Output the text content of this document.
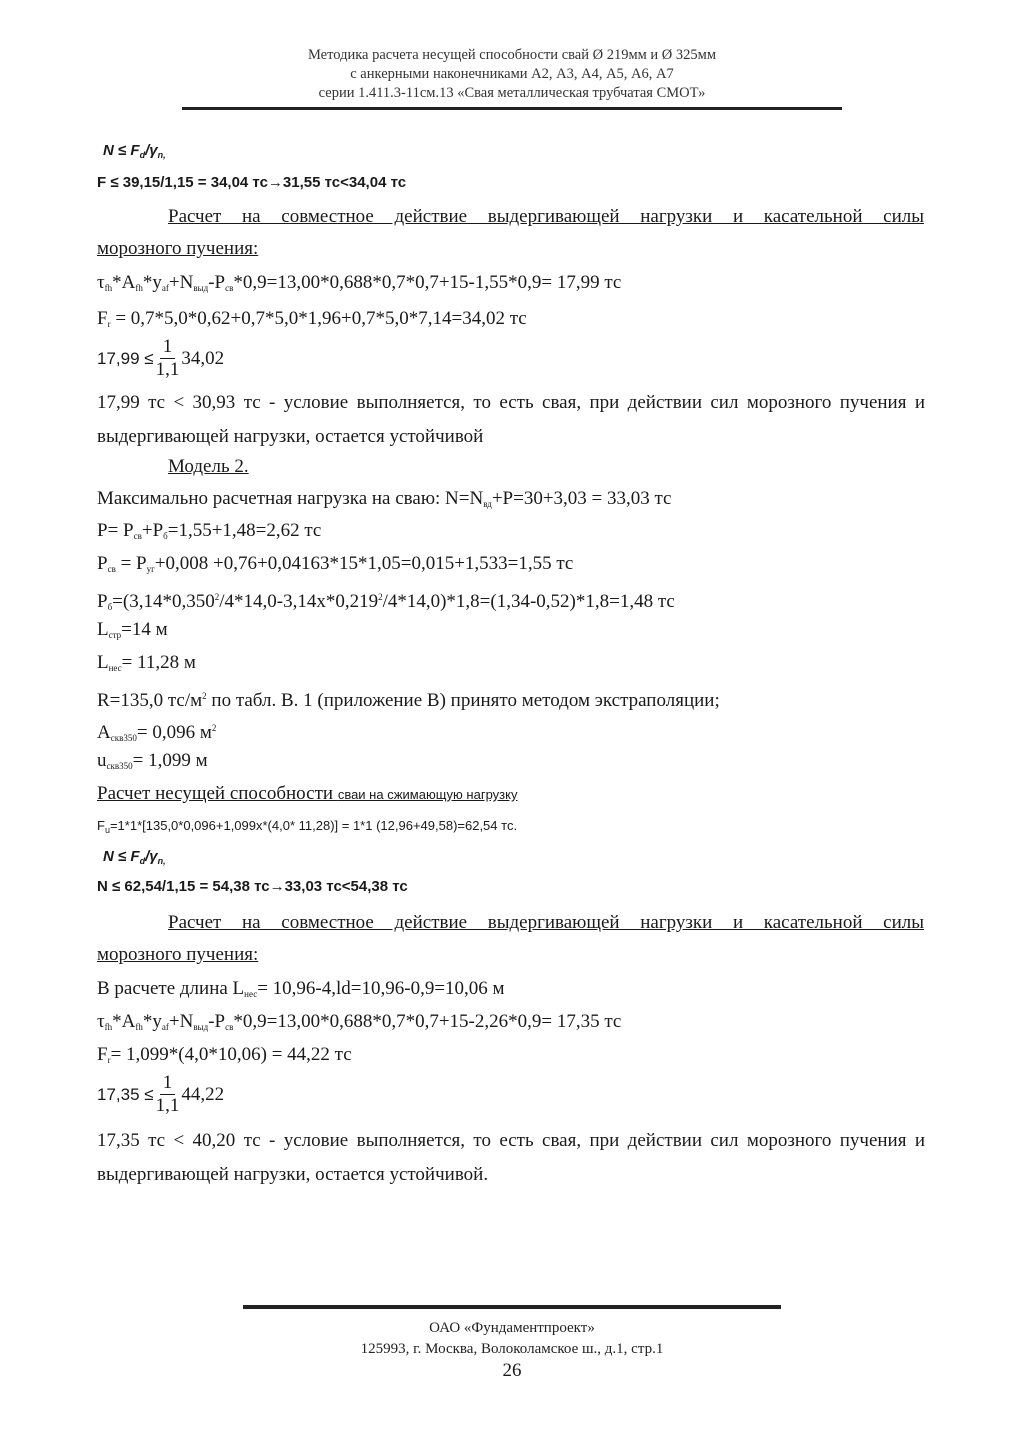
Методика расчета несущей способности свай Ø 219мм и Ø 325мм
с анкерными наконечниками А2, А3, А4, А5, А6, А7
серии 1.411.3-11см.13 «Свая металлическая трубчатая СМОТ»
$N \le F_d/\gamma_{n,}$
F ≤ 39,15/1,15 = 34,04 тс→31,55 тс<34,04 тс
Расчет на совместное действие выдергивающей нагрузки и касательной силы
морозного пучения:
$\tau_{fh}*A_{fh}*y_{af}+N_{выд}-P_{св}*0,9=13,00*0,688*0,7*0,7+15-1,55*0,9= 17,99$ тс
$F_r = 0,7*5,0*0,62+0,7*5,0*1,96+0,7*5,0*7,14=34,02$ тс
$17,99 \le \frac{1}{1,1} 34,02$
17,99 тс < 30,93 тс - условие выполняется, то есть свая, при действии сил морозного пучения и выдергивающей нагрузки, остается устойчивой
Модель 2.
Максимально расчетная нагрузка на сваю: $N=N_{вд}+P=30+3,03 = 33,03$ тс
$P= P_{св}+P_б=1,55+1,48=2,62$ тс
$P_{св} = P_{уг}+0,008 +0,76+0,04163*15*1,05=0,015+1,533=1,55$ тс
$P_б=(3,14*0,350^2/4*14,0-3,14x*0,219^2/4*14,0)*1,8=(1,34-0,52)*1,8=1,48$ тс
$L_{стр}=14$ м
$L_{нес}= 11,28$ м
R=135,0 $тс/м^2$ по табл. В. 1 (приложение В) принято методом экстраполяции;
$A_{скв350}= 0,096$ $м^2$
$u_{скв350}= 1,099$ м
Расчет несущей способности сваи на сжимающую нагрузку
$F_u=1*1*[135,0*0,096+1,099x*(4,0*$ 11,28)] = 1*1 (12,96+49,58)=62,54 тс.
$N \le F_d/\gamma_{n,}$
N ≤ 62,54/1,15 = 54,38 тс→33,03 тс<54,38 тс
Расчет на совместное действие выдергивающей нагрузки и касательной силы
морозного пучения:
В расчете длина $L_{нес}= 10,96-4,ld=10,96-0,9=10,06$ м
$\tau_{fh}*A_{fh}*y_{af}+N_{выд}-P_{св}*0,9=13,00*0,688*0,7*0,7+15-2,26*0,9= 17,35$ тс
$F_r= 1,099*(4,0*10,06) = 44,22$ тс
$17,35 \le \frac{1}{1,1} 44,22$
17,35 тс < 40,20 тс - условие выполняется, то есть свая, при действии сил морозного пучения и выдергивающей нагрузки, остается устойчивой.
ОАО «Фундаментпроект»
125993, г. Москва, Волоколамское ш., д.1, стр.1
26
